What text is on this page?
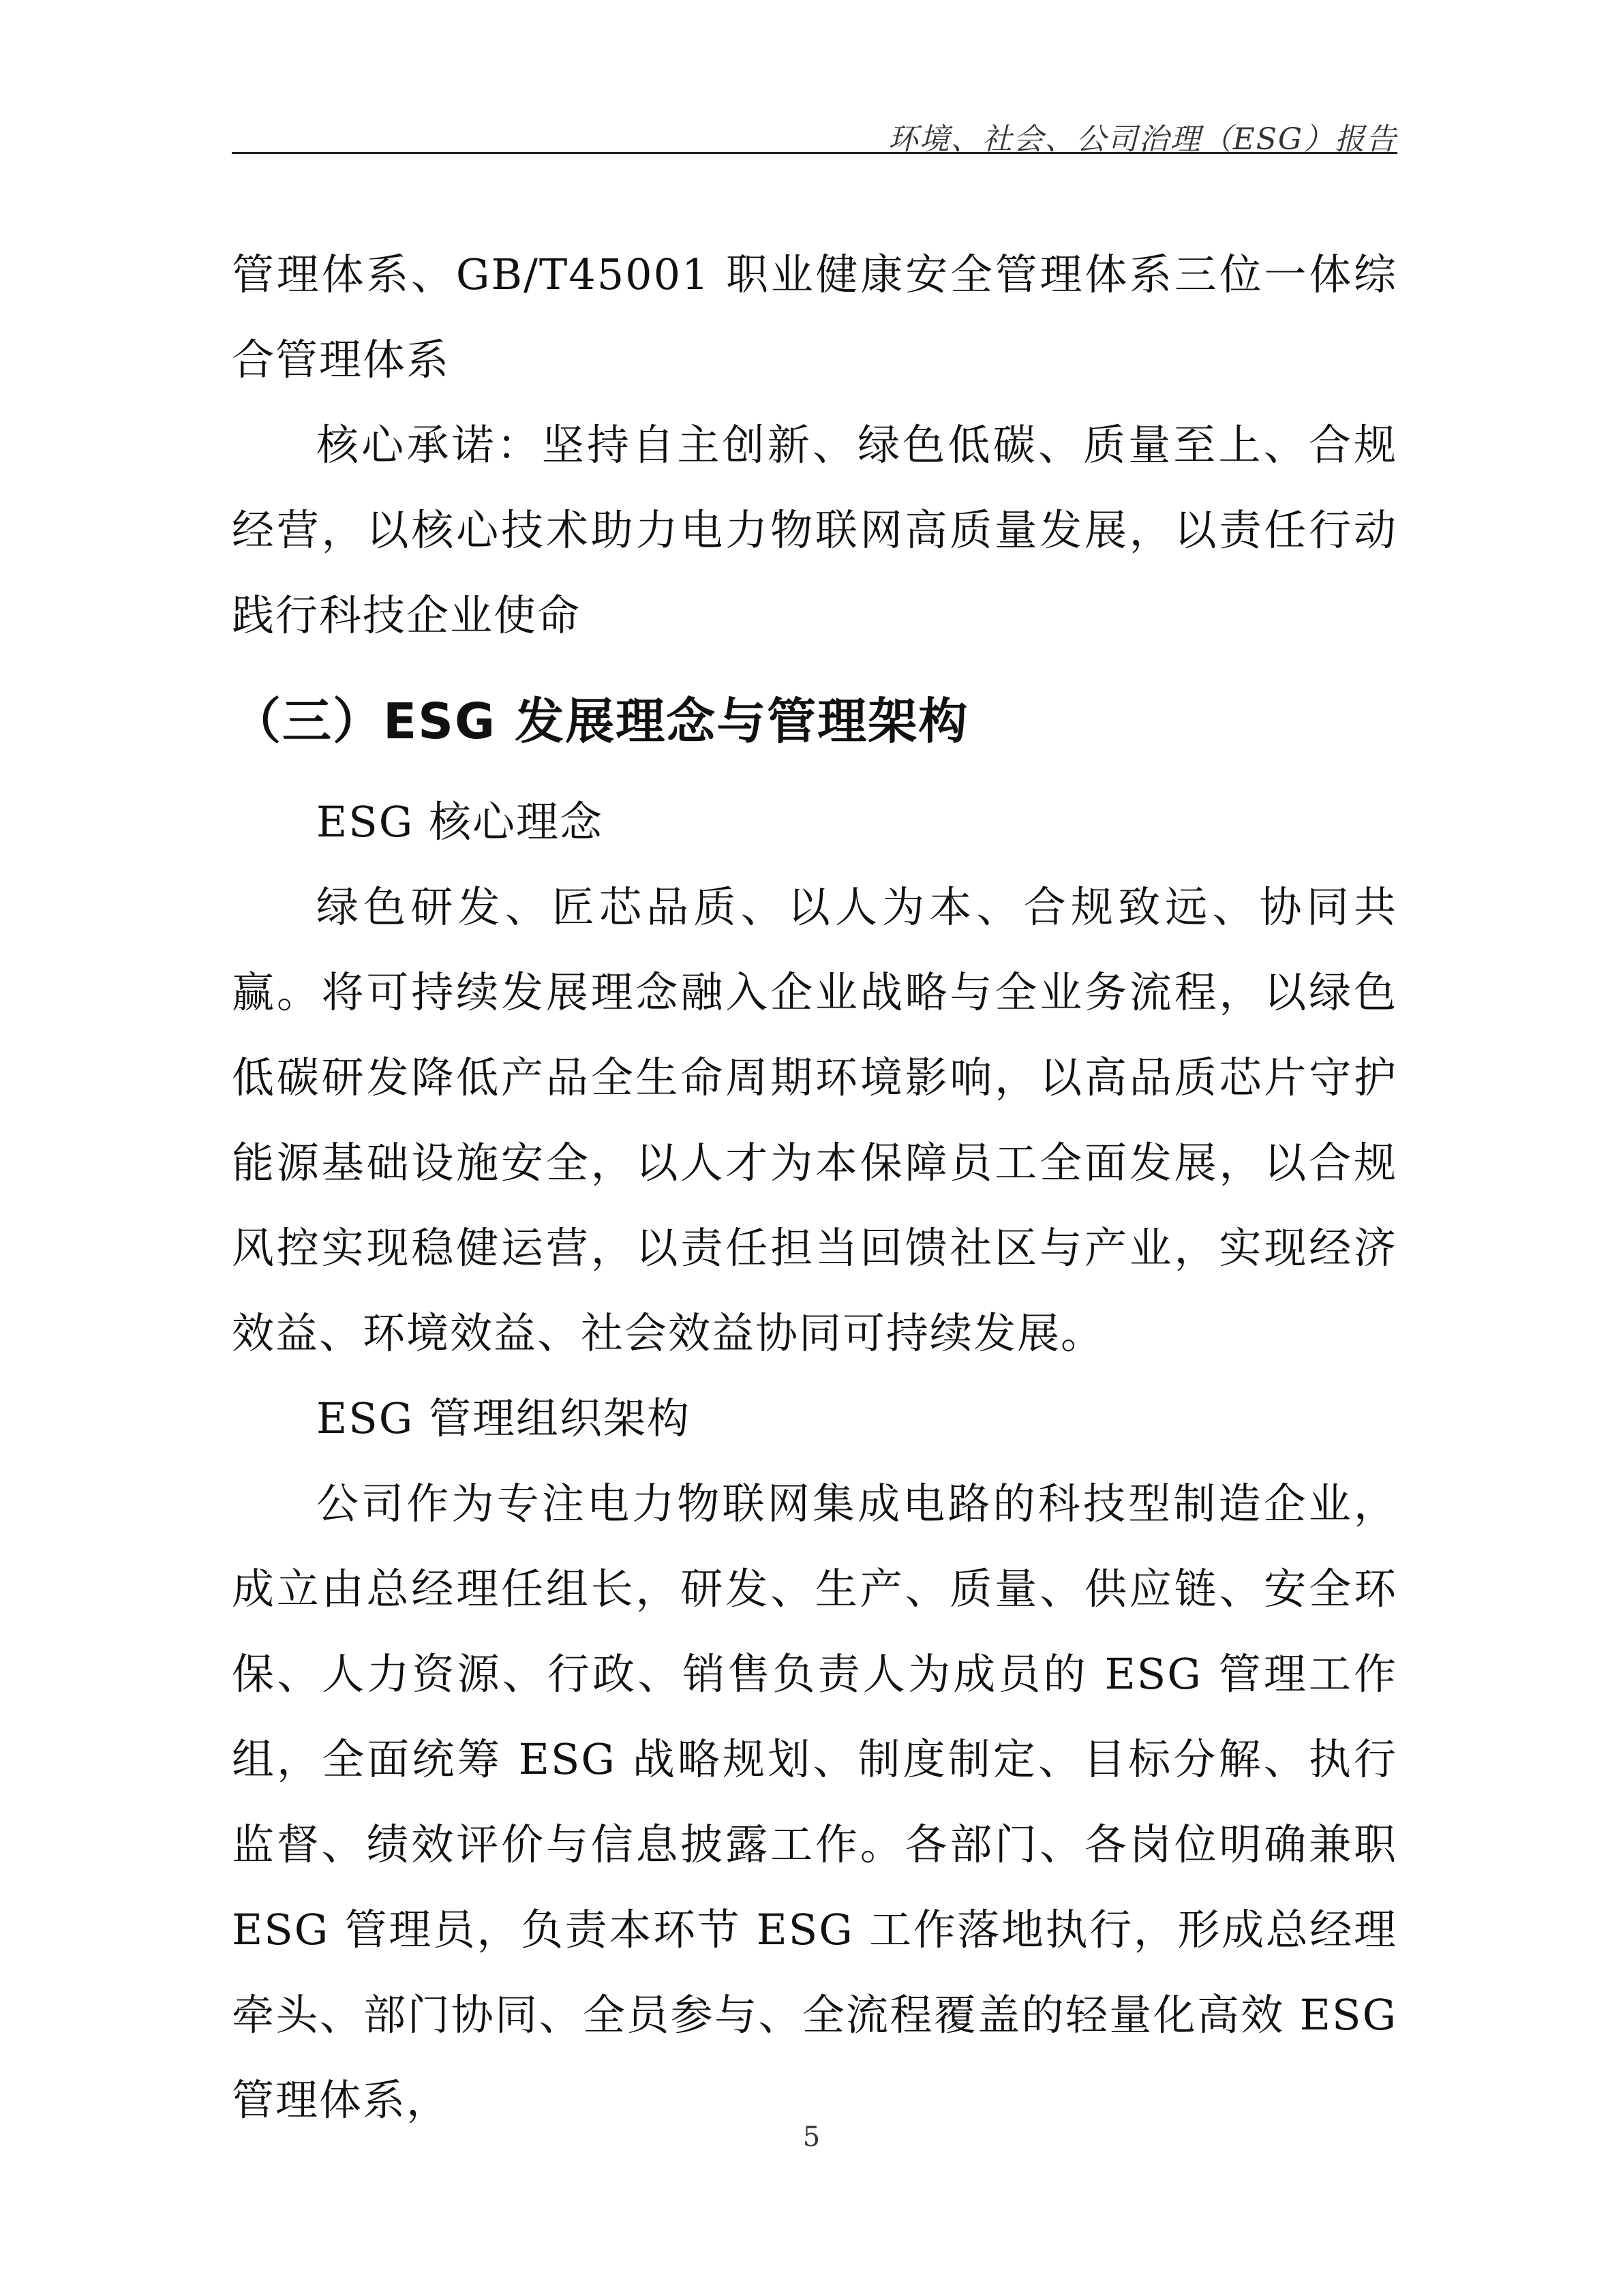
环境、社会、公司治理（ESG）报告

管理体系、GB/T45001 职业健康安全管理体系三位一体综合管理体系

核心承诺：坚持自主创新、绿色低碳、质量至上、合规经营，以核心技术助力电力物联网高质量发展，以责任行动践行科技企业使命

（三）ESG 发展理念与管理架构

ESG 核心理念

绿色研发、匠芯品质、以人为本、合规致远、协同共赢。将可持续发展理念融入企业战略与全业务流程，以绿色低碳研发降低产品全生命周期环境影响，以高品质芯片守护能源基础设施安全，以人才为本保障员工全面发展，以合规风控实现稳健运营，以责任担当回馈社区与产业，实现经济效益、环境效益、社会效益协同可持续发展。

ESG 管理组织架构

公司作为专注电力物联网集成电路的科技型制造企业，成立由总经理任组长，研发、生产、质量、供应链、安全环保、人力资源、行政、销售负责人为成员的 ESG 管理工作组，全面统筹 ESG 战略规划、制度制定、目标分解、执行监督、绩效评价与信息披露工作。各部门、各岗位明确兼职 ESG 管理员，负责本环节 ESG 工作落地执行，形成总经理牵头、部门协同、全员参与、全流程覆盖的轻量化高效 ESG 管理体系，

5
